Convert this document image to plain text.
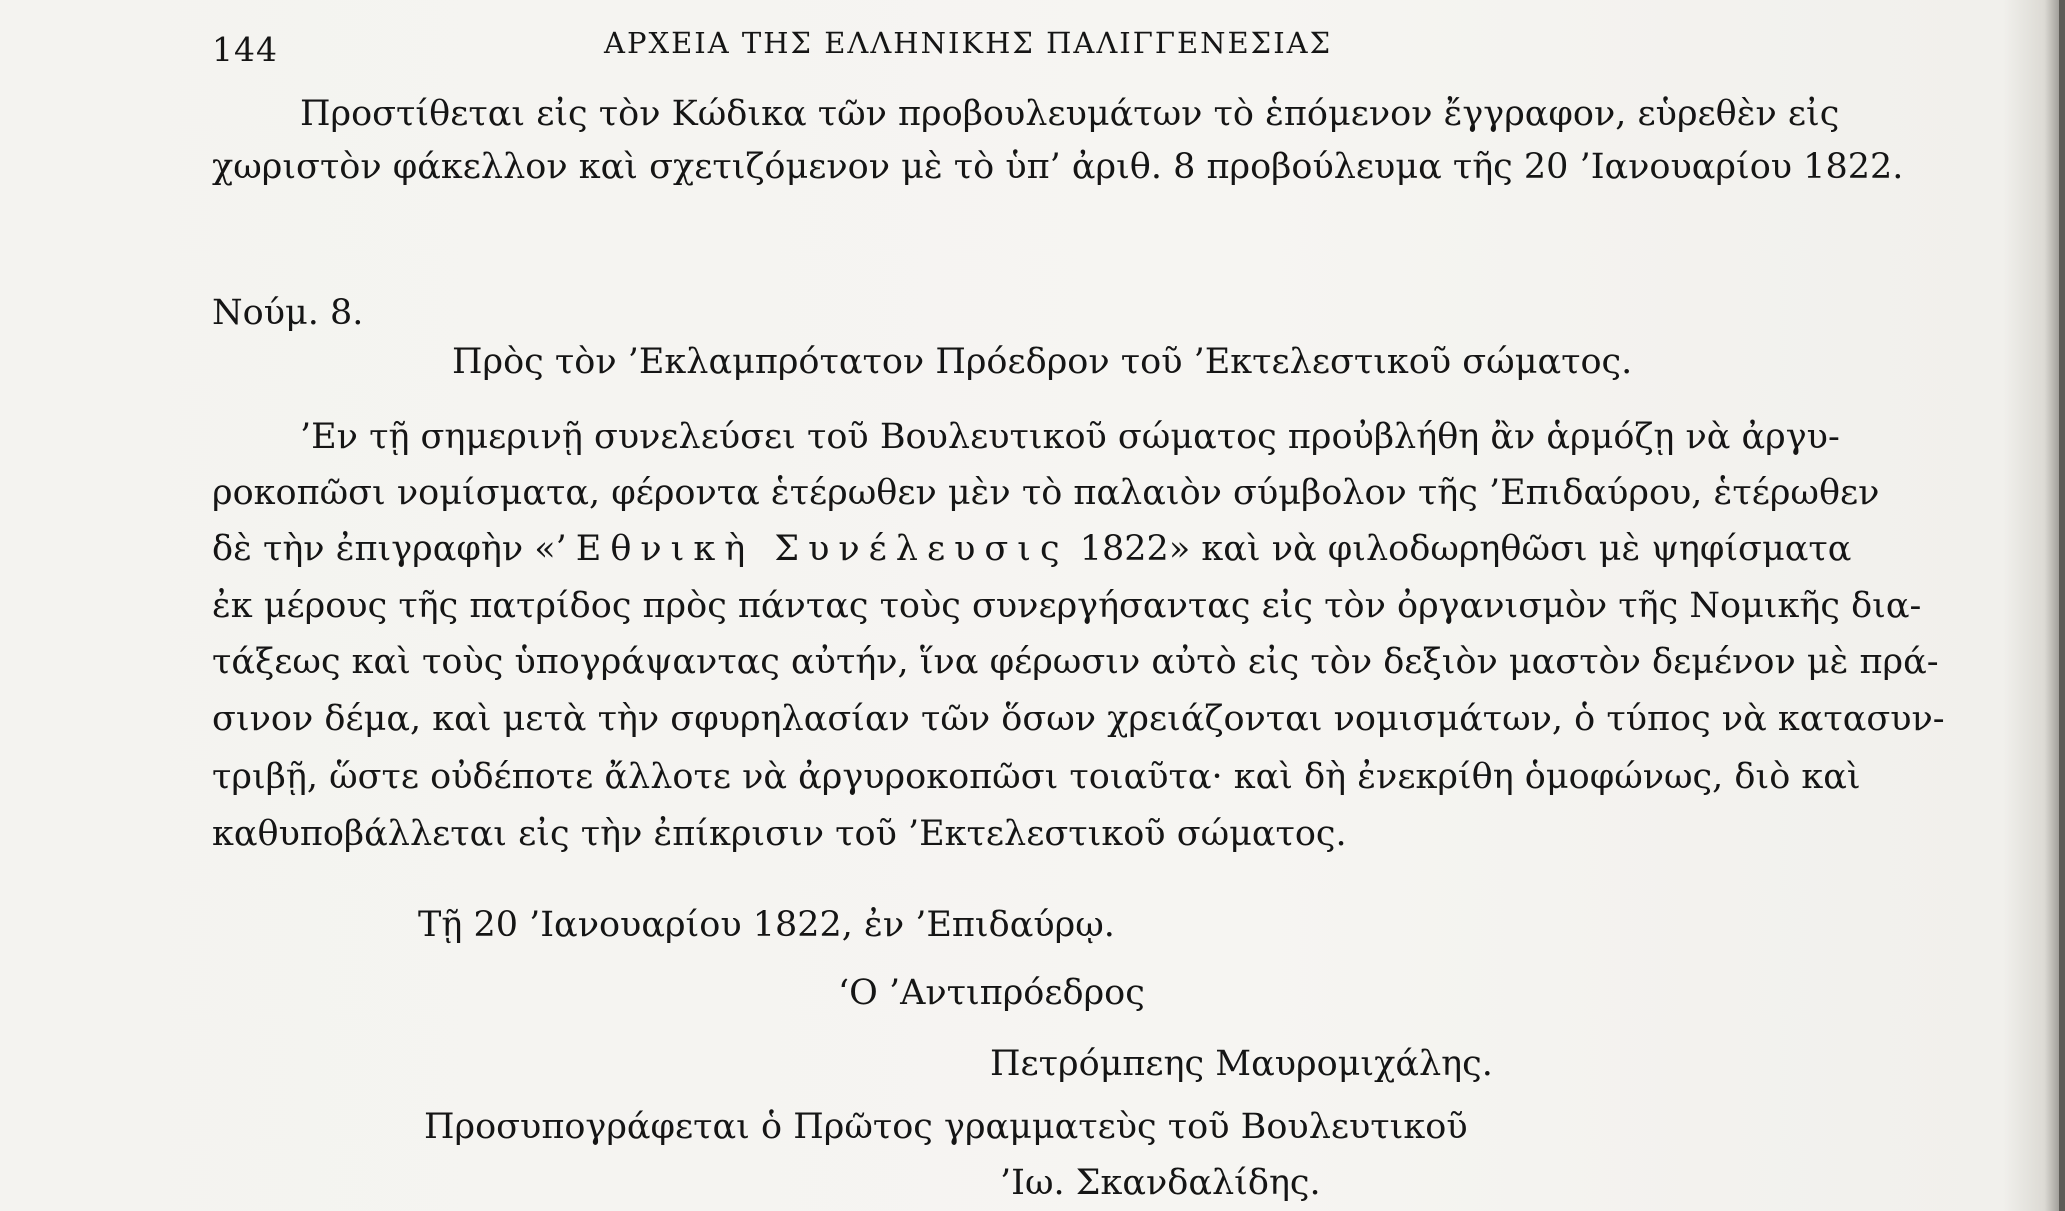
144	ΑΡΧΕΙΑ ΤΗΣ ΕΛΛΗΝΙΚΗΣ ΠΑΛΙΓΓΕΝΕΣΙΑΣ
Προστίθεται εἰς τὸν Κώδικα τῶν προβουλευμάτων τὸ ἑπόμενον ἔγγραφον, εὑρεθὲν εἰς
χωριστὸν φάκελλον καὶ σχετιζόμενον μὲ τὸ ὑπ’ ἀριθ. 8 προβούλευμα τῆς 20 ’Ιανουαρίου 1822.
Νούμ. 8.
Πρὸς τὸν ’Εκλαμπρότατον Πρόεδρον τοῦ ’Εκτελεστικοῦ σώματος.
’Εν τῇ σημερινῇ συνελεύσει τοῦ Βουλευτικοῦ σώματος προὐβλήθη ἂν ἁρμόζῃ νὰ ἀργυ-
ροκοπῶσι νομίσματα, φέροντα ἑτέρωθεν μὲν τὸ παλαιὸν σύμβολον τῆς ’Επιδαύρου, ἑτέρωθεν
δὲ τὴν ἐπιγραφὴν «’Εθνικὴ Συνέλευσις 1822» καὶ νὰ φιλοδωρηθῶσι μὲ ψηφίσματα
ἐκ μέρους τῆς πατρίδος πρὸς πάντας τοὺς συνεργήσαντας εἰς τὸν ὀργανισμὸν τῆς Νομικῆς δια-
τάξεως καὶ τοὺς ὑπογράψαντας αὐτήν, ἵνα φέρωσιν αὐτὸ εἰς τὸν δεξιὸν μαστὸν δεμένον μὲ πρά-
σινον δέμα, καὶ μετὰ τὴν σφυρηλασίαν τῶν ὅσων χρειάζονται νομισμάτων, ὁ τύπος νὰ κατασυν-
τριβῇ, ὥστε οὐδέποτε ἄλλοτε νὰ ἀργυροκοπῶσι τοιαῦτα· καὶ δὴ ἐνεκρίθη ὁμοφώνως, διὸ καὶ
καθυποβάλλεται εἰς τὴν ἐπίκρισιν τοῦ ’Εκτελεστικοῦ σώματος.
Τῇ 20 ’Ιανουαρίου 1822, ἐν ’Επιδαύρῳ.
‘Ο ’Αντιπρόεδρος
Πετρόμπεης Μαυρομιχάλης.
Προσυπογράφεται ὁ Πρῶτος γραμματεὺς τοῦ Βουλευτικοῦ
’Ιω. Σκανδαλίδης.
